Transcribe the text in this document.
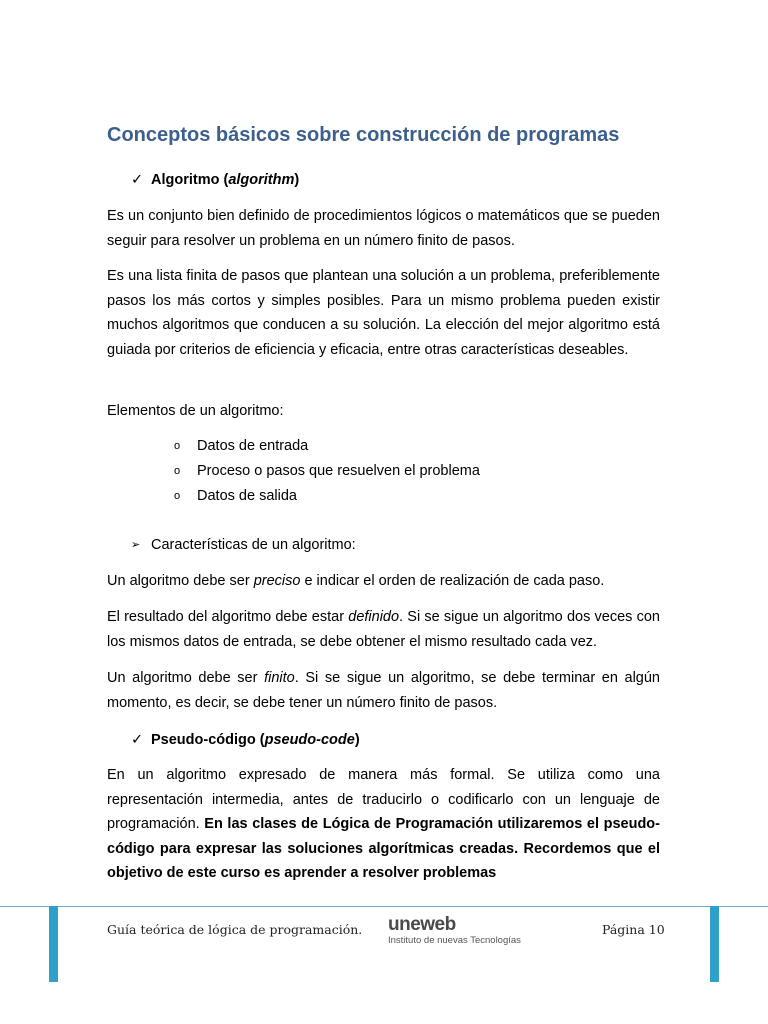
Conceptos básicos sobre construcción de programas
✓ Algoritmo (algorithm)

Es un conjunto bien definido de procedimientos lógicos o matemáticos que se pueden seguir para resolver un problema en un número finito de pasos.

Es una lista finita de pasos que plantean una solución a un problema, preferiblemente pasos los más cortos y simples posibles. Para un mismo problema pueden existir muchos algoritmos que conducen a su solución. La elección del mejor algoritmo está guiada por criterios de eficiencia y eficacia, entre otras características deseables.

Elementos de un algoritmo:

o Datos de entrada
o Proceso o pasos que resuelven el problema
o Datos de salida
➢ Características de un algoritmo:

Un algoritmo debe ser preciso e indicar el orden de realización de cada paso.

El resultado del algoritmo debe estar definido. Si se sigue un algoritmo dos veces con los mismos datos de entrada, se debe obtener el mismo resultado cada vez.

Un algoritmo debe ser finito. Si se sigue un algoritmo, se debe terminar en algún momento, es decir, se debe tener un número finito de pasos.

✓ Pseudo-código (pseudo-code)

En un algoritmo expresado de manera más formal. Se utiliza como una representación intermedia, antes de traducirlo o codificarlo con un lenguaje de programación. En las clases de Lógica de Programación utilizaremos el pseudo-código para expresar las soluciones algorítmicas creadas. Recordemos que el objetivo de este curso es aprender a resolver problemas

Guía teórica de lógica de programación. uneweb
Instituto de nuevas Tecnologías
Página 10
